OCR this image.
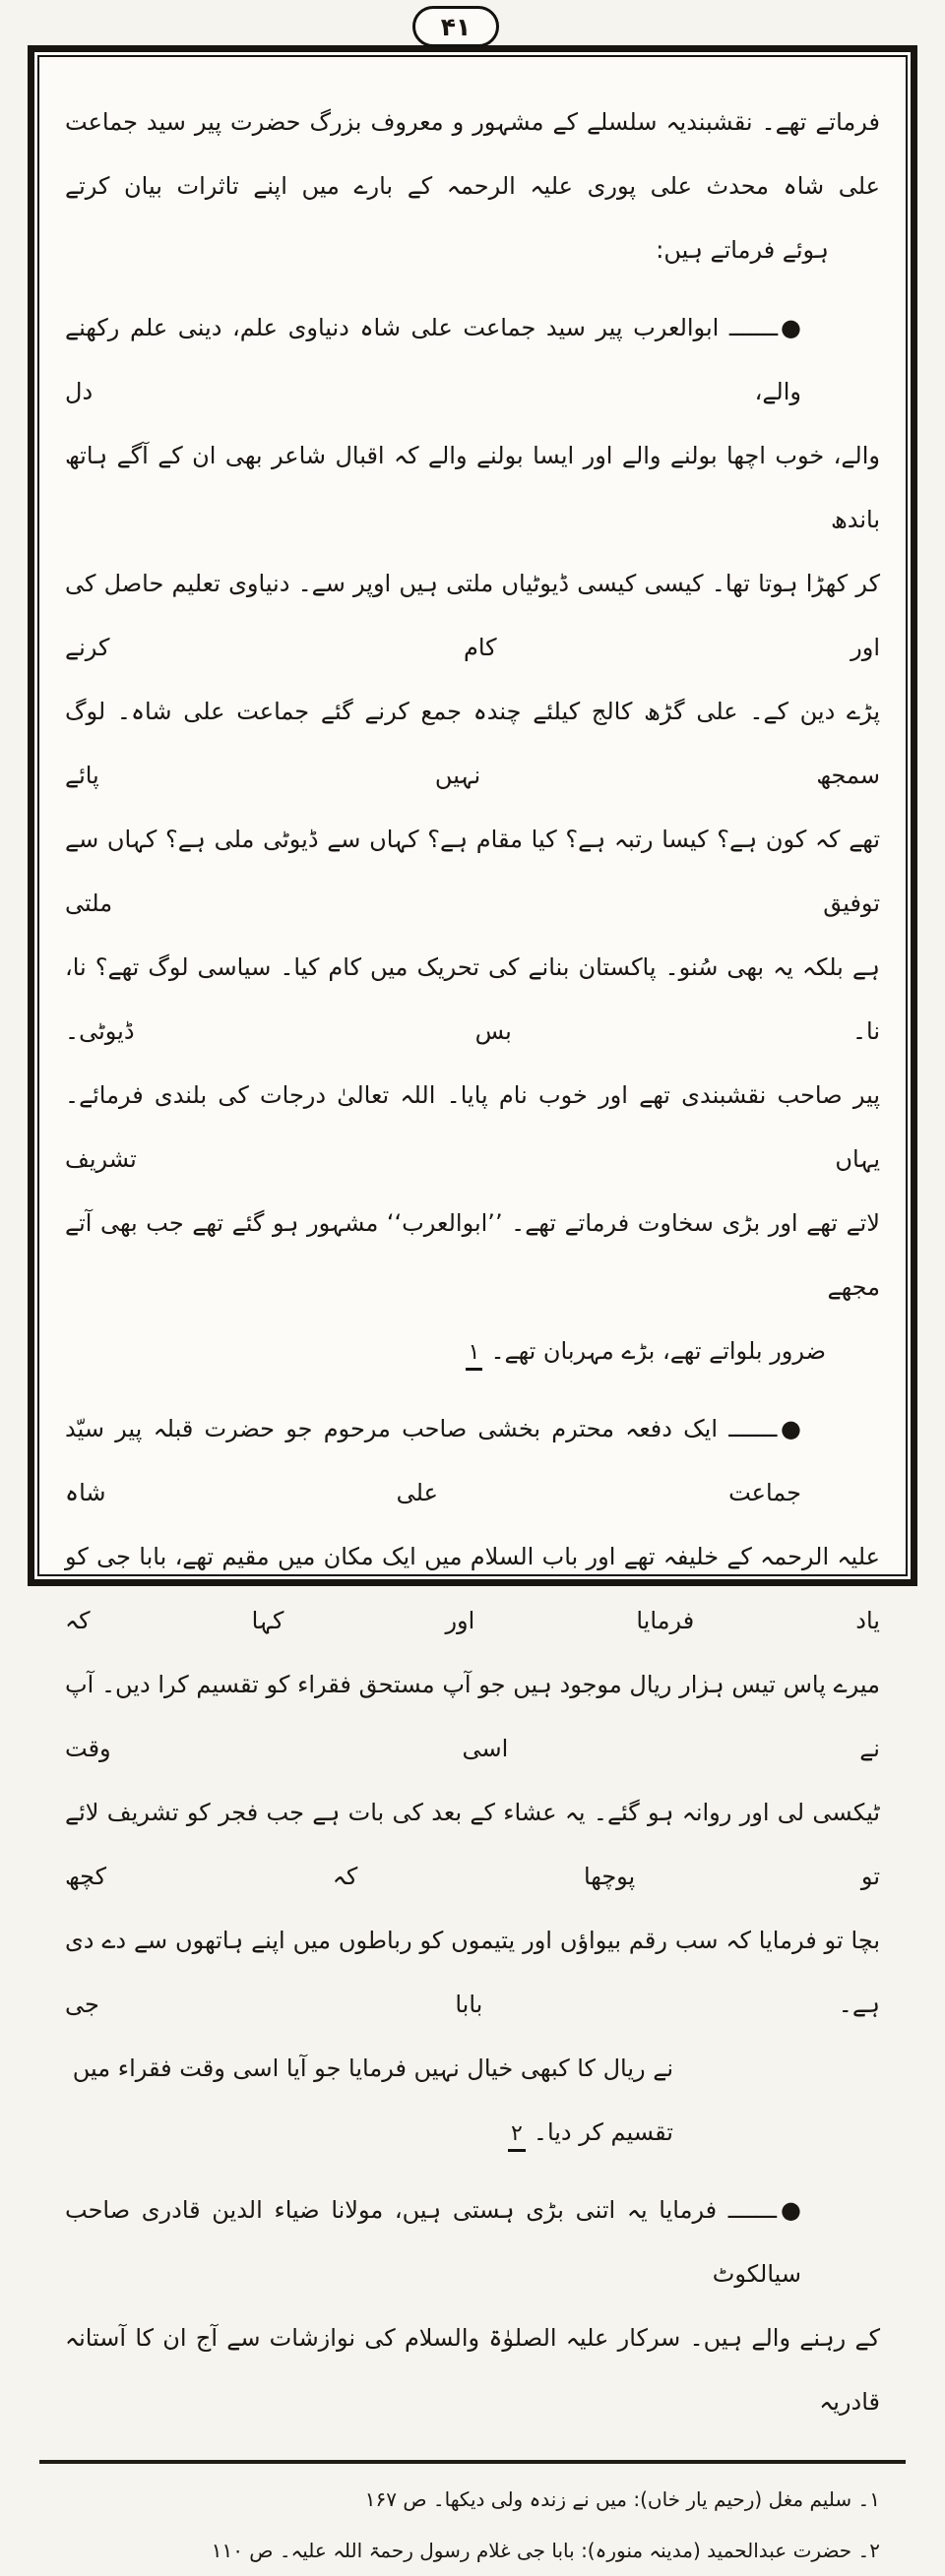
۴۱
فرماتے تھے۔ نقشبندیہ سلسلے کے مشہور و معروف بزرگ حضرت پیر سید جماعت
علی شاہ محدث علی پوری علیہ الرحمہ کے بارے میں اپنے تاثرات بیان کرتے
ہوئے فرماتے ہیں:
●ـــــــ ابوالعرب پیر سید جماعت علی شاہ دنیاوی علم، دینی علم رکھنے والے، دل
والے، خوب اچھا بولنے والے اور ایسا بولنے والے کہ اقبال شاعر بھی ان کے آگے ہاتھ باندھ
کر کھڑا ہوتا تھا۔ کیسی کیسی ڈیوٹیاں ملتی ہیں اوپر سے۔ دنیاوی تعلیم حاصل کی اور کام کرنے
پڑے دین کے۔ علی گڑھ کالج کیلئے چندہ جمع کرنے گئے جماعت علی شاہ۔ لوگ سمجھ نہیں پائے
تھے کہ کون ہے؟ کیسا رتبہ ہے؟ کیا مقام ہے؟ کہاں سے ڈیوٹی ملی ہے؟ کہاں سے توفیق ملتی
ہے بلکہ یہ بھی سُنو۔ پاکستان بنانے کی تحریک میں کام کیا۔ سیاسی لوگ تھے؟ نا، نا۔ بس ڈیوٹی۔
پیر صاحب نقشبندی تھے اور خوب نام پایا۔ اللہ تعالیٰ درجات کی بلندی فرمائے۔ یہاں تشریف
لاتے تھے اور بڑی سخاوت فرماتے تھے۔ ’’ابوالعرب‘‘ مشہور ہو گئے تھے جب بھی آتے مجھے
ضرور بلواتے تھے، بڑے مہربان تھے۔۱
●ـــــــ ایک دفعہ محترم بخشی صاحب مرحوم جو حضرت قبلہ پیر سیّد جماعت علی شاہ
علیہ الرحمہ کے خلیفہ تھے اور باب السلام میں ایک مکان میں مقیم تھے، بابا جی کو یاد فرمایا اور کہا کہ
میرے پاس تیس ہزار ریال موجود ہیں جو آپ مستحق فقراء کو تقسیم کرا دیں۔ آپ نے اسی وقت
ٹیکسی لی اور روانہ ہو گئے۔ یہ عشاء کے بعد کی بات ہے جب فجر کو تشریف لائے تو پوچھا کہ کچھ
بچا تو فرمایا کہ سب رقم بیواؤں اور یتیموں کو رباطوں میں اپنے ہاتھوں سے دے دی ہے۔ بابا جی
نے ریال کا کبھی خیال نہیں فرمایا جو آیا اسی وقت فقراء میں تقسیم کر دیا۔۲
●ـــــــ فرمایا یہ اتنی بڑی ہستی ہیں، مولانا ضیاء الدین قادری صاحب سیالکوٹ
کے رہنے والے ہیں۔ سرکار علیہ الصلوٰۃ والسلام کی نوازشات سے آج ان کا آستانہ قادریہ
۱۔ سلیم مغل (رحیم یار خاں): میں نے زندہ ولی دیکھا۔ ص ۱۶۷
۲۔ حضرت عبدالحمید (مدینہ منورہ): بابا جی غلام رسول رحمۃ اللہ علیہ۔ ص ۱۱۰
